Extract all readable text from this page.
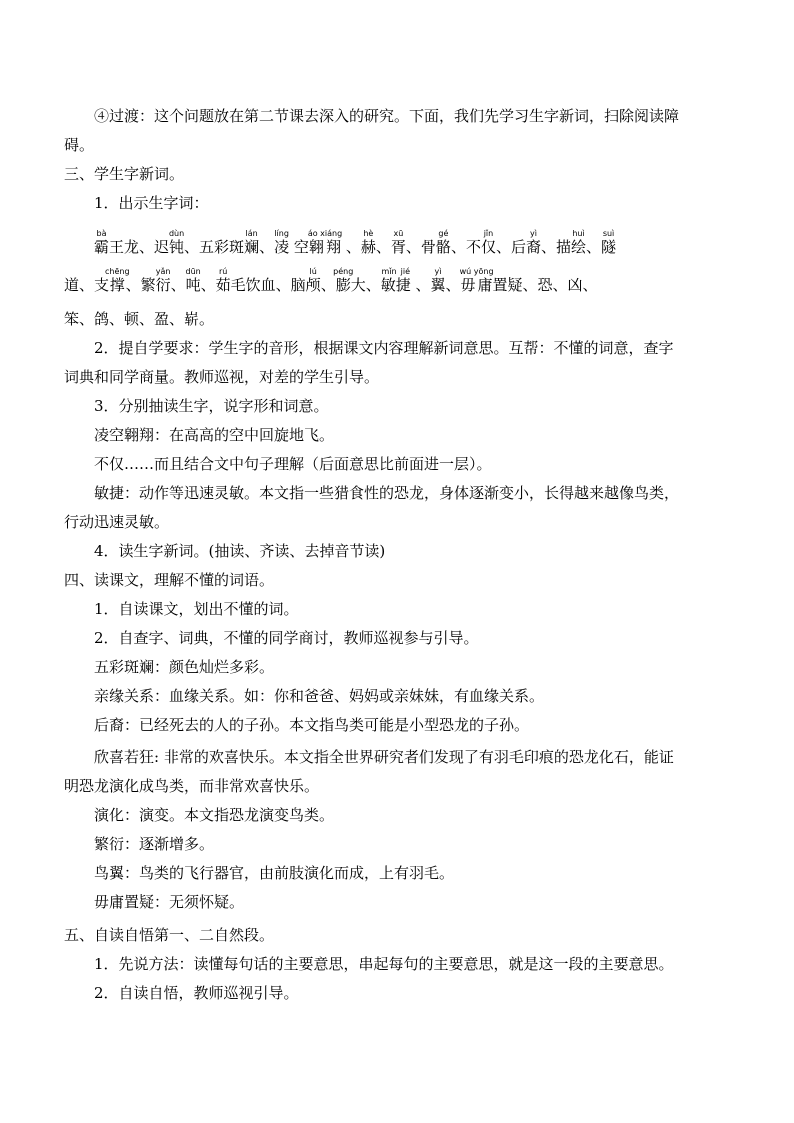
④过渡：这个问题放在第二节课去深入的研究。下面，我们先学习生字新词，扫除阅读障
碍。
三、学生字新词。
1．出示生字词：
霸bà王龙、迟钝dùn、五彩斑斓lán、凌líng 空翱翔áo xiáng 、赫hè、胥xū、骨骼gé、不仅jǐn、后裔yì、描绘huì、隧suì
道、支撑chēng、繁衍yǎn、吨dūn、茹rú毛饮血、脑颅lú、膨péng大、敏捷mǐn jié 、翼yì、毋庸wú yōng置疑、恐、凶、
笨、鸽、顿、盈、崭。
2．提自学要求：学生字的音形，根据课文内容理解新词意思。互帮：不懂的词意，查字
词典和同学商量。教师巡视，对差的学生引导。
3．分别抽读生字，说字形和词意。
凌空翱翔：在高高的空中回旋地飞。
不仅……而且结合文中句子理解（后面意思比前面进一层）。
敏捷：动作等迅速灵敏。本文指一些猎食性的恐龙，身体逐渐变小，长得越来越像鸟类，
行动迅速灵敏。
4．读生字新词。(抽读、齐读、去掉音节读)
四、读课文，理解不懂的词语。
1．自读课文，划出不懂的词。
2．自查字、词典，不懂的同学商讨，教师巡视参与引导。
五彩斑斓：颜色灿烂多彩。
亲缘关系：血缘关系。如：你和爸爸、妈妈或亲妹妹，有血缘关系。
后裔：已经死去的人的子孙。本文指鸟类可能是小型恐龙的子孙。
欣喜若狂: 非常的欢喜快乐。本文指全世界研究者们发现了有羽毛印痕的恐龙化石，能证
明恐龙演化成鸟类，而非常欢喜快乐。
演化：演变。本文指恐龙演变鸟类。
繁衍：逐渐增多。
鸟翼：鸟类的飞行器官，由前肢演化而成，上有羽毛。
毋庸置疑：无须怀疑。
五、自读自悟第一、二自然段。
1．先说方法：读懂每句话的主要意思，串起每句的主要意思，就是这一段的主要意思。
2．自读自悟，教师巡视引导。
